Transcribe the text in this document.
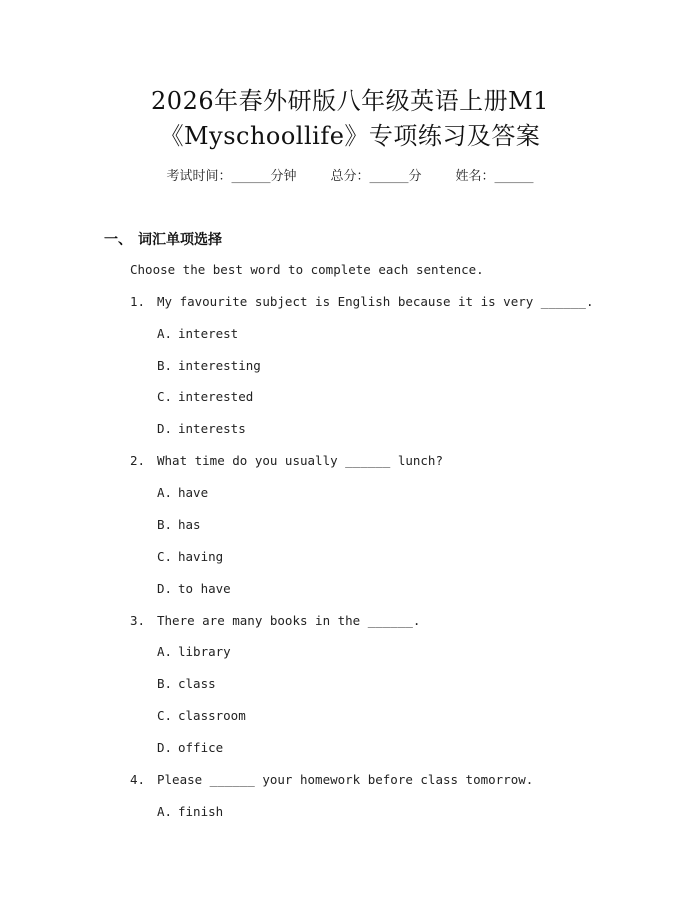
2026年春外研版八年级英语上册M1
《Myschoollife》专项练习及答案
考试时间：______分钟	总分：______分	姓名：______
一、 词汇单项选择
Choose the best word to complete each sentence.
1. My favourite subject is English because it is very ______.
A. interest
B. interesting
C. interested
D. interests
2. What time do you usually ______ lunch?
A. have
B. has
C. having
D. to have
3. There are many books in the ______.
A. library
B. class
C. classroom
D. office
4. Please ______ your homework before class tomorrow.
A. finish
